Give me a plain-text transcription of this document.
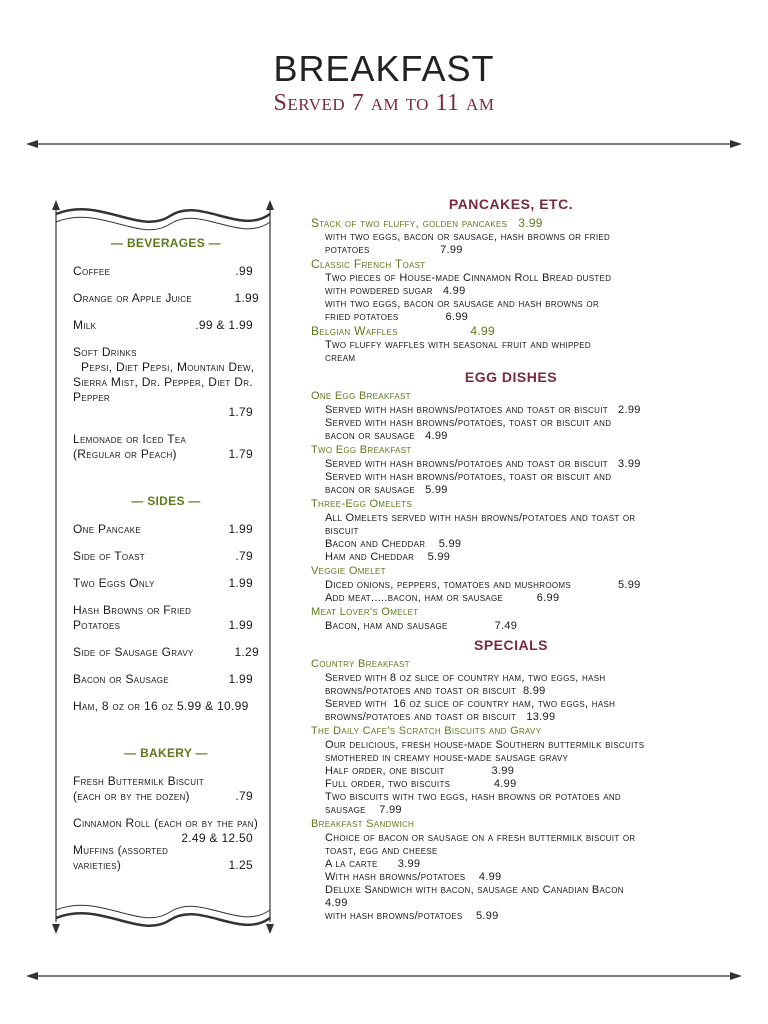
BREAKFAST
Served 7 am to 11 am
— BEVERAGES —
Coffee	.99
Orange or Apple Juice	1.99
Milk	.99 & 1.99
Soft Drinks
Pepsi, Diet Pepsi, Mountain Dew, Sierra Mist, Dr. Pepper, Diet Dr. Pepper
1.79
Lemonade or Iced Tea (Regular or Peach)	1.79
— SIDES —
One Pancake	1.99
Side of Toast	.79
Two Eggs Only	1.99
Hash Browns or Fried Potatoes	1.99
Side of Sausage Gravy	1.29
Bacon or Sausage	1.99
Ham, 8 oz or 16 oz 5.99 & 10.99
— BAKERY —
Fresh Buttermilk Biscuit (each or by the dozen)	.79
Cinnamon Roll (each or by the pan)
2.49 & 12.50
Muffins (assorted varieties)	1.25
PANCAKES, ETC.
Stack of two fluffy, golden pancakes   3.99
with two eggs, bacon or sausage, hash browns or fried
potatoes                     7.99
Classic French Toast
Two pieces of House-made Cinnamon Roll Bread dusted
with powdered sugar   4.99
with two eggs, bacon or sausage and hash browns or
fried potatoes              6.99
Belgian Waffles                    4.99
Two fluffy waffles with seasonal fruit and whipped
cream
EGG DISHES
One Egg Breakfast
Served with hash browns/potatoes and toast or biscuit   2.99
Served with hash browns/potatoes, toast or biscuit and
bacon or sausage   4.99
Two Egg Breakfast
Served with hash browns/potatoes and toast or biscuit   3.99
Served with hash browns/potatoes, toast or biscuit and
bacon or sausage   5.99
Three-Egg Omelets
All Omelets served with hash browns/potatoes and toast or
biscuit
Bacon and Cheddar    5.99
Ham and Cheddar    5.99
Veggie Omelet
Diced onions, peppers, tomatoes and mushrooms              5.99
Add meat.....bacon, ham or sausage          6.99
Meat Lover's Omelet
Bacon, ham and sausage              7.49
SPECIALS
Country Breakfast
Served with 8 oz slice of country ham, two eggs, hash
browns/potatoes and toast or biscuit  8.99
Served with  16 oz slice of country ham, two eggs, hash
browns/potatoes and toast or biscuit   13.99
The Daily Cafe's Scratch Biscuits and Gravy
Our delicious, fresh house-made Southern buttermilk biscuits
smothered in creamy house-made sausage gravy
Half order, one biscuit              3.99
Full order, two biscuits             4.99
Two biscuits with two eggs, hash browns or potatoes and
sausage    7.99
Breakfast Sandwich
Choice of bacon or sausage on a fresh buttermilk biscuit or
toast, egg and cheese
A la carte      3.99
With hash browns/potatoes    4.99
Deluxe Sandwich with bacon, sausage and Canadian Bacon
4.99
with hash browns/potatoes    5.99
